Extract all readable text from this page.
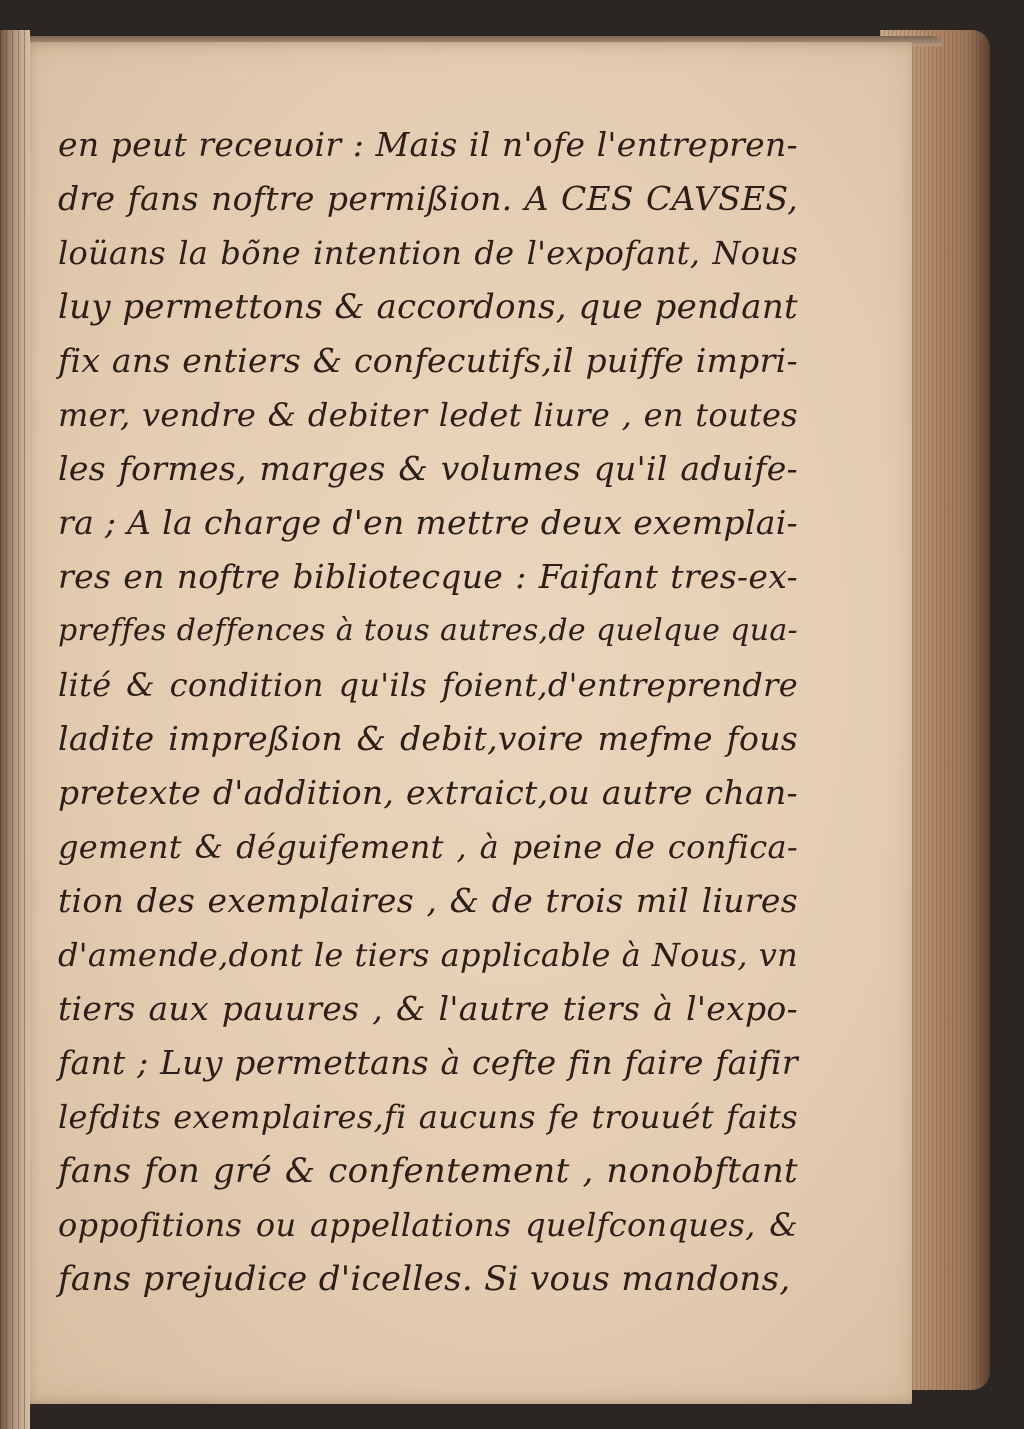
en peut receuoir : Mais il n'ofe l'entrepren-
dre fans noftre permißion. A CES CAVSES,
loüans la bõne intention de l'expofant, Nous
luy permettons & accordons, que pendant
fix ans entiers & confecutifs,il puiffe impri-
mer, vendre & debiter ledet liure , en toutes
les formes, marges & volumes qu'il aduife-
ra ; A la charge d'en mettre deux exemplai-
res en noftre bibliotecque : Faifant tres-ex-
preffes deffences à tous autres,de quelque qua-
lité & condition qu'ils foient,d'entreprendre
ladite impreßion & debit,voire mefme fous
pretexte d'addition, extraict,ou autre chan-
gement & déguifement , à peine de confica-
tion des exemplaires , & de trois mil liures
d'amende,dont le tiers applicable à Nous, vn
tiers aux pauures , & l'autre tiers à l'expo-
fant ; Luy permettans à cefte fin faire faifir
lefdits exemplaires,fi aucuns fe trouuét faits
fans fon gré & confentement , nonobftant
oppofitions ou appellations quelfconques, &
fans prejudice d'icelles. Si vous mandons,
